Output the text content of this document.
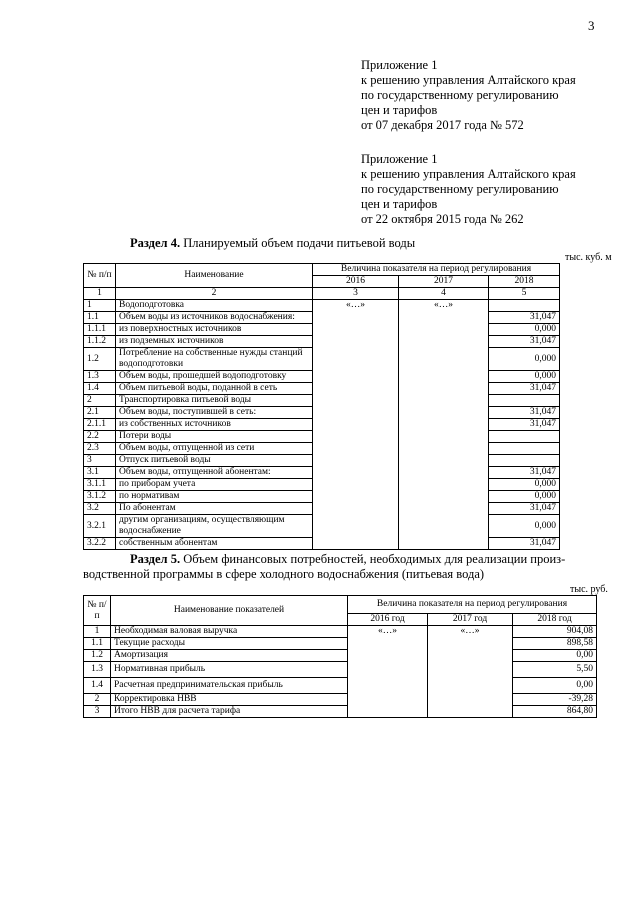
3
Приложение 1
к решению управления Алтайского края
по государственному регулированию
цен и тарифов
от 07 декабря 2017 года № 572
Приложение 1
к решению управления Алтайского края
по государственному регулированию
цен и тарифов
от 22 октября 2015 года № 262
Раздел 4. Планируемый объем подачи питьевой воды
тыс. куб. м
№ п/п	Наименование	Величина показателя на период регулирования		
		2016	2017	2018
1	2	3	4	5
1	Водоподготовка	«…»	«…»	
1.1	Объем воды из источников водоснабжения:			31,047
1.1.1	из поверхностных источников			0,000
1.1.2	из подземных источников			31,047
1.2	Потребление на собственные нужды станций водоподготовки			0,000
1.3	Объем воды, прошедшей водоподготовку			0,000
1.4	Объем питьевой воды, поданной в сеть			31,047
2	Транспортировка питьевой воды			
2.1	Объем воды, поступившей в сеть:			31,047
2.1.1	из собственных источников			31,047
2.2	Потери воды			
2.3	Объем воды, отпущенной из сети			
3	Отпуск питьевой воды			
3.1	Объем воды, отпущенной абонентам:			31,047
3.1.1	по приборам учета			0,000
3.1.2	по нормативам			0,000
3.2	По абонентам			31,047
3.2.1	другим организациям, осуществляющим водоснабжение			0,000
3.2.2	собственным абонентам			31,047
Раздел 5. Объем финансовых потребностей, необходимых для реализации произ-
водственной программы в сфере холодного водоснабжения (питьевая вода)
тыс. руб.
№ п/п	Наименование показателей	Величина показателя на период регулирования		
		2016 год	2017 год	2018 год
1	Необходимая валовая выручка	«…»	«…»	904,08
1.1	Текущие расходы			898,58
1.2	Амортизация			0,00
1.3	Нормативная прибыль			5,50
1.4	Расчетная предпринимательская прибыль			0,00
2	Корректировка НВВ			-39,28
3	Итого НВВ для расчета тарифа			864,80
